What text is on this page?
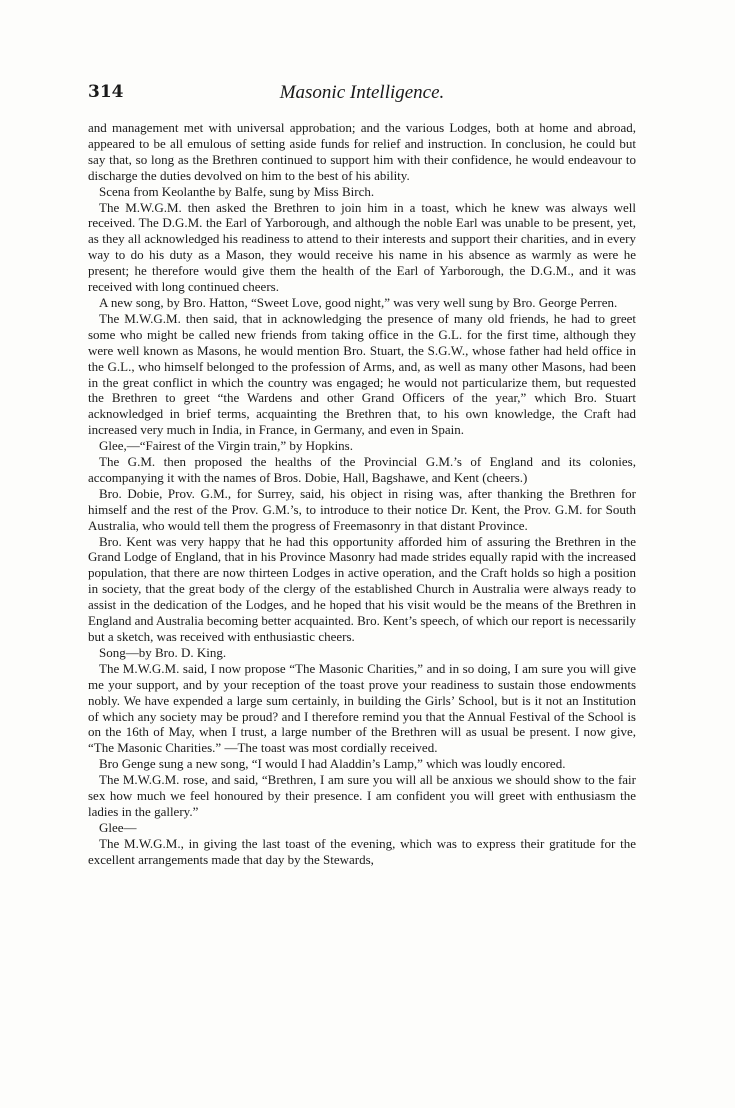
314	Masonic Intelligence.

and management met with universal approbation; and the various Lodges, both at home and abroad, appeared to be all emulous of setting aside funds for relief and instruction. In conclusion, he could but say that, so long as the Brethren continued to support him with their confidence, he would endeavour to discharge the duties devolved on him to the best of his ability.

Scena from Keolanthe by Balfe, sung by Miss Birch.

The M.W.G.M. then asked the Brethren to join him in a toast, which he knew was always well received. The D.G.M. the Earl of Yarborough, and although the noble Earl was unable to be present, yet, as they all acknowledged his readiness to attend to their interests and support their charities, and in every way to do his duty as a Mason, they would receive his name in his absence as warmly as were he present; he therefore would give them the health of the Earl of Yarborough, the D.G.M., and it was received with long continued cheers.

A new song, by Bro. Hatton, “Sweet Love, good night,” was very well sung by Bro. George Perren.

The M.W.G.M. then said, that in acknowledging the presence of many old friends, he had to greet some who might be called new friends from taking office in the G.L. for the first time, although they were well known as Masons, he would mention Bro. Stuart, the S.G.W., whose father had held office in the G.L., who himself belonged to the profession of Arms, and, as well as many other Masons, had been in the great conflict in which the country was engaged; he would not particularize them, but requested the Brethren to greet “the Wardens and other Grand Officers of the year,” which Bro. Stuart acknowledged in brief terms, acquainting the Brethren that, to his own knowledge, the Craft had increased very much in India, in France, in Germany, and even in Spain.

Glee,—“Fairest of the Virgin train,” by Hopkins.

The G.M. then proposed the healths of the Provincial G.M.’s of England and its colonies, accompanying it with the names of Bros. Dobie, Hall, Bagshawe, and Kent (cheers.)

Bro. Dobie, Prov. G.M., for Surrey, said, his object in rising was, after thanking the Brethren for himself and the rest of the Prov. G.M.’s, to introduce to their notice Dr. Kent, the Prov. G.M. for South Australia, who would tell them the progress of Freemasonry in that distant Province.

Bro. Kent was very happy that he had this opportunity afforded him of assuring the Brethren in the Grand Lodge of England, that in his Province Masonry had made strides equally rapid with the increased population, that there are now thirteen Lodges in active operation, and the Craft holds so high a position in society, that the great body of the clergy of the established Church in Australia were always ready to assist in the dedication of the Lodges, and he hoped that his visit would be the means of the Brethren in England and Australia becoming better acquainted. Bro. Kent’s speech, of which our report is necessarily but a sketch, was received with enthusiastic cheers.

Song—by Bro. D. King.

The M.W.G.M. said, I now propose “The Masonic Charities,” and in so doing, I am sure you will give me your support, and by your reception of the toast prove your readiness to sustain those endowments nobly. We have expended a large sum certainly, in building the Girls’ School, but is it not an Institution of which any society may be proud? and I therefore remind you that the Annual Festival of the School is on the 16th of May, when I trust, a large number of the Brethren will as usual be present. I now give, “The Masonic Charities.” —The toast was most cordially received.

Bro Genge sung a new song, “I would I had Aladdin’s Lamp,” which was loudly encored.

The M.W.G.M. rose, and said, “Brethren, I am sure you will all be anxious we should show to the fair sex how much we feel honoured by their presence. I am confident you will greet with enthusiasm the ladies in the gallery.”

Glee—

The M.W.G.M., in giving the last toast of the evening, which was to express their gratitude for the excellent arrangements made that day by the Stewards,
